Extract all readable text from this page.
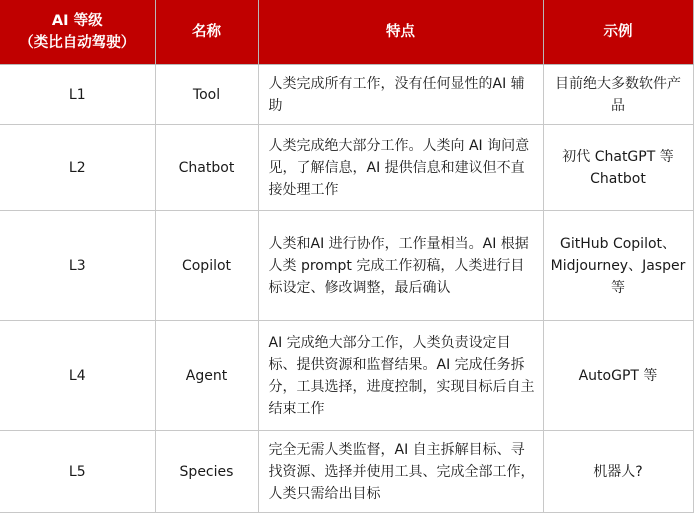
AI 等级
（类比自动驾驶）	名称	特点	示例
L1	Tool	人类完成所有工作，没有任何显性的AI 辅助	目前绝大多数软件产品
L2	Chatbot	人类完成绝大部分工作。人类向 AI 询问意见，了解信息，AI 提供信息和建议但不直接处理工作	初代 ChatGPT 等 Chatbot
L3	Copilot	人类和AI 进行协作，工作量相当。AI 根据人类 prompt 完成工作初稿，人类进行目标设定、修改调整，最后确认	GitHub Copilot、Midjourney、Jasper 等
L4	Agent	AI 完成绝大部分工作，人类负责设定目标、提供资源和监督结果。AI 完成任务拆分，工具选择，进度控制，实现目标后自主结束工作	AutoGPT 等
L5	Species	完全无需人类监督，AI 自主拆解目标、寻找资源、选择并使用工具、完成全部工作，人类只需给出目标	机器人?
